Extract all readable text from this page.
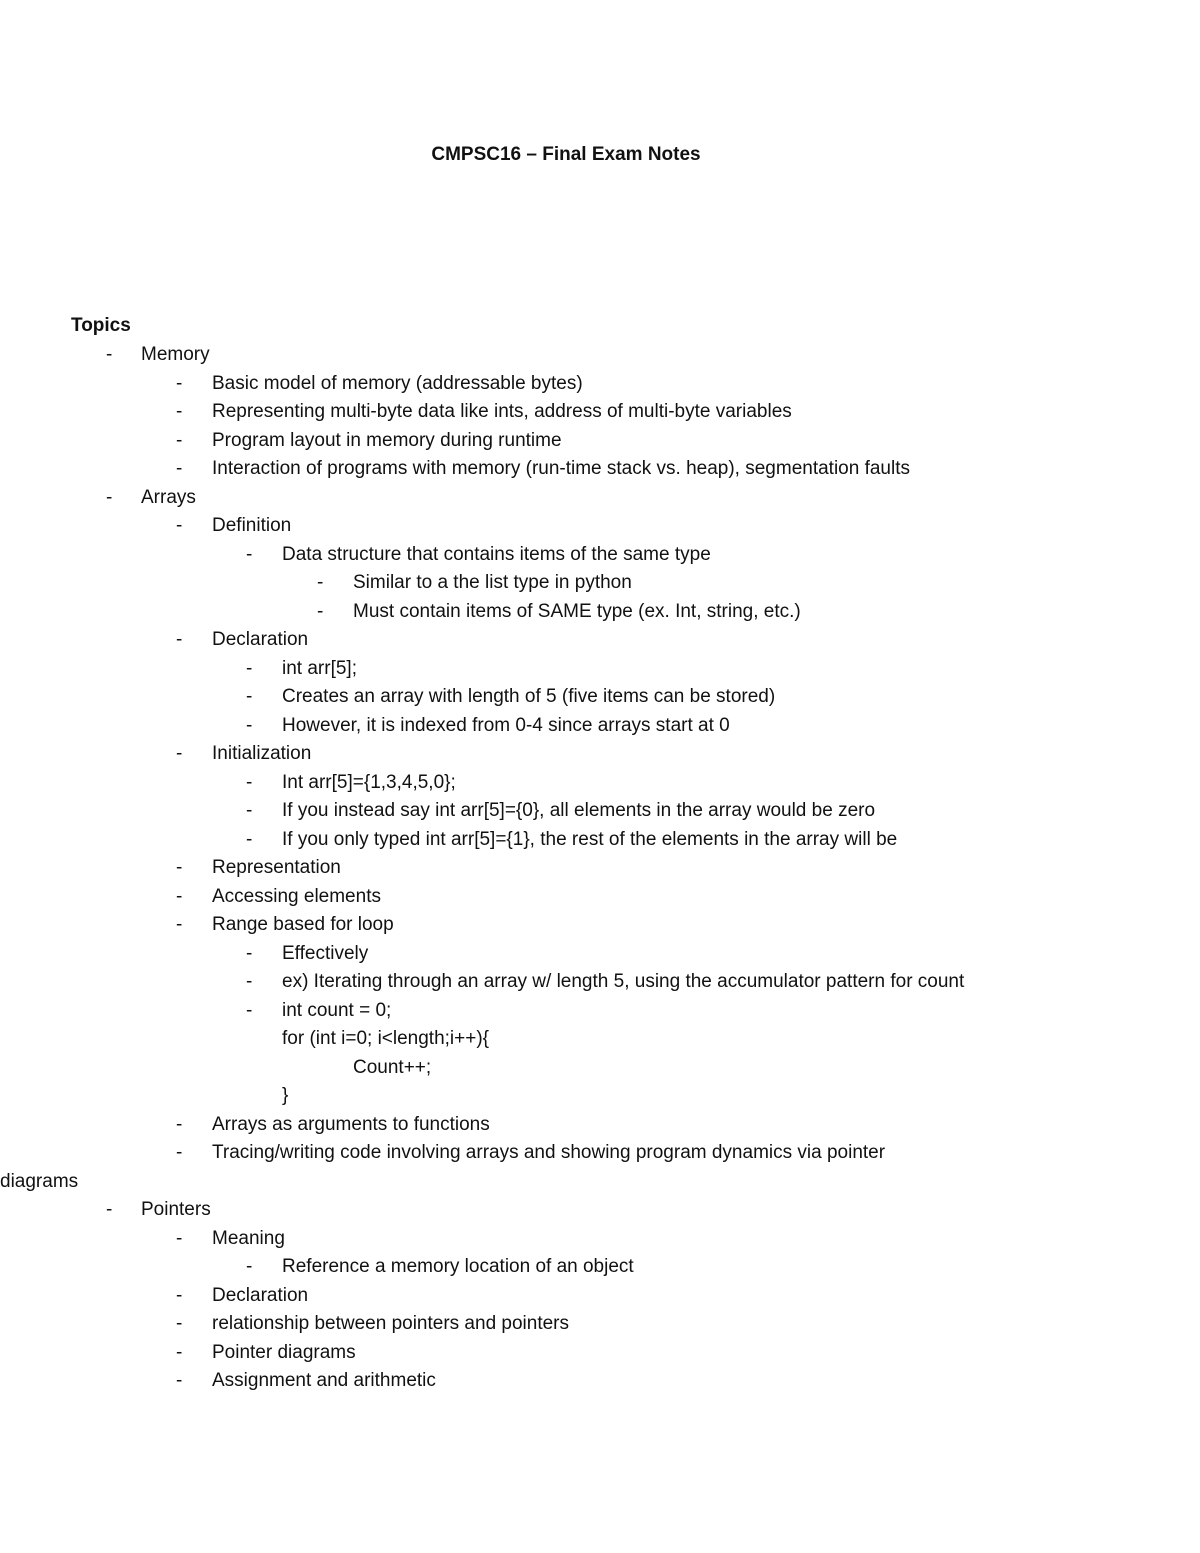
CMPSC16 – Final Exam Notes
Topics
- Memory
- Basic model of memory (addressable bytes)
- Representing multi-byte data like ints, address of multi-byte variables
- Program layout in memory during runtime
- Interaction of programs with memory (run-time stack vs. heap), segmentation faults
- Arrays
- Definition
- Data structure that contains items of the same type
- Similar to a the list type in python
- Must contain items of SAME type (ex. Int, string, etc.)
- Declaration
- int arr[5];
- Creates an array with length of 5 (five items can be stored)
- However, it is indexed from 0-4 since arrays start at 0
- Initialization
- Int arr[5]={1,3,4,5,0};
- If you instead say int arr[5]={0}, all elements in the array would be zero
- If you only typed int arr[5]={1}, the rest of the elements in the array will be
- Representation
- Accessing elements
- Range based for loop
- Effectively
- ex) Iterating through an array w/ length 5, using the accumulator pattern for count
- int count = 0;
for (int i=0; i<length;i++){
Count++;
}
- Arrays as arguments to functions
- Tracing/writing code involving arrays and showing program dynamics via pointer
diagrams
- Pointers
- Meaning
- Reference a memory location of an object
- Declaration
- relationship between pointers and pointers
- Pointer diagrams
- Assignment and arithmetic
